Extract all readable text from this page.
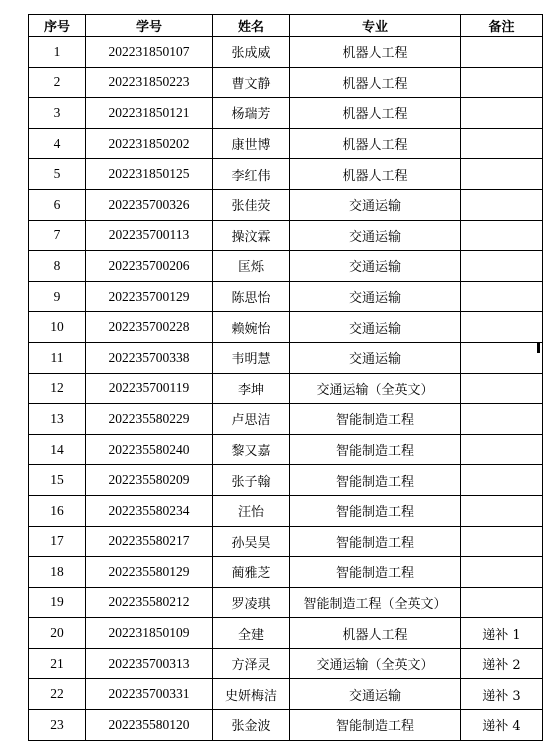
序号	学号	姓名	专业	备注
1	202231850107	张成威	机器人工程	
2	202231850223	曹文静	机器人工程	
3	202231850121	杨瑞芳	机器人工程	
4	202231850202	康世博	机器人工程	
5	202231850125	李红伟	机器人工程	
6	202235700326	张佳荧	交通运输	
7	202235700113	操汶霖	交通运输	
8	202235700206	匡烁	交通运输	
9	202235700129	陈思怡	交通运输	
10	202235700228	赖婉怡	交通运输	
11	202235700338	韦明慧	交通运输	
12	202235700119	李坤	交通运输（全英文）	
13	202235580229	卢思洁	智能制造工程	
14	202235580240	黎又嘉	智能制造工程	
15	202235580209	张子翰	智能制造工程	
16	202235580234	汪怡	智能制造工程	
17	202235580217	孙吴昊	智能制造工程	
18	202235580129	蔺雅芝	智能制造工程	
19	202235580212	罗凌琪	智能制造工程（全英文）	
20	202231850109	全建	机器人工程	递补 1
21	202235700313	方泽灵	交通运输（全英文）	递补 2
22	202235700331	史妍梅洁	交通运输	递补 3
23	202235580120	张金波	智能制造工程	递补 4
